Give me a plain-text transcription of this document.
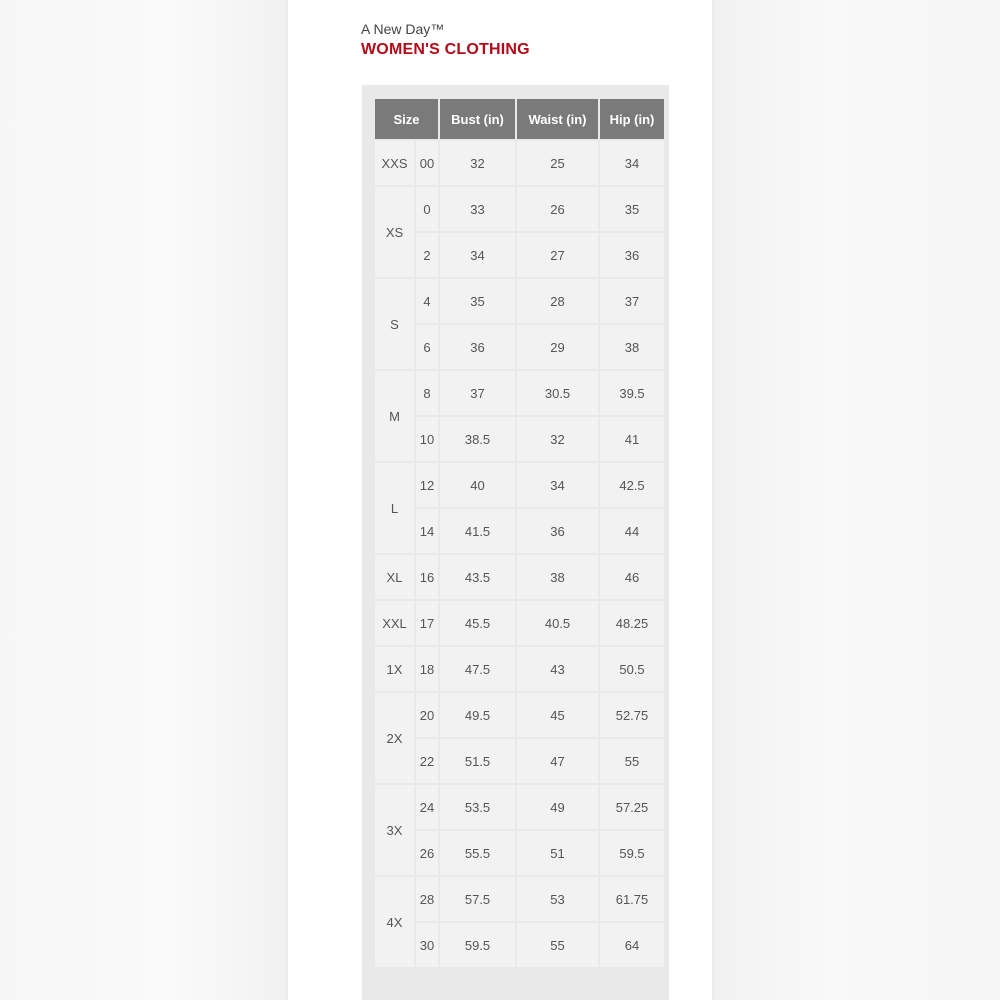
A New Day™
WOMEN'S CLOTHING
Size		Bust (in)	Waist (in)	Hip (in)
XXS	00	32	25	34
XS	0	33	26	35
	2	34	27	36
S	4	35	28	37
	6	36	29	38
M	8	37	30.5	39.5
	10	38.5	32	41
L	12	40	34	42.5
	14	41.5	36	44
XL	16	43.5	38	46
XXL	17	45.5	40.5	48.25
1X	18	47.5	43	50.5
2X	20	49.5	45	52.75
	22	51.5	47	55
3X	24	53.5	49	57.25
	26	55.5	51	59.5
4X	28	57.5	53	61.75
	30	59.5	55	64
